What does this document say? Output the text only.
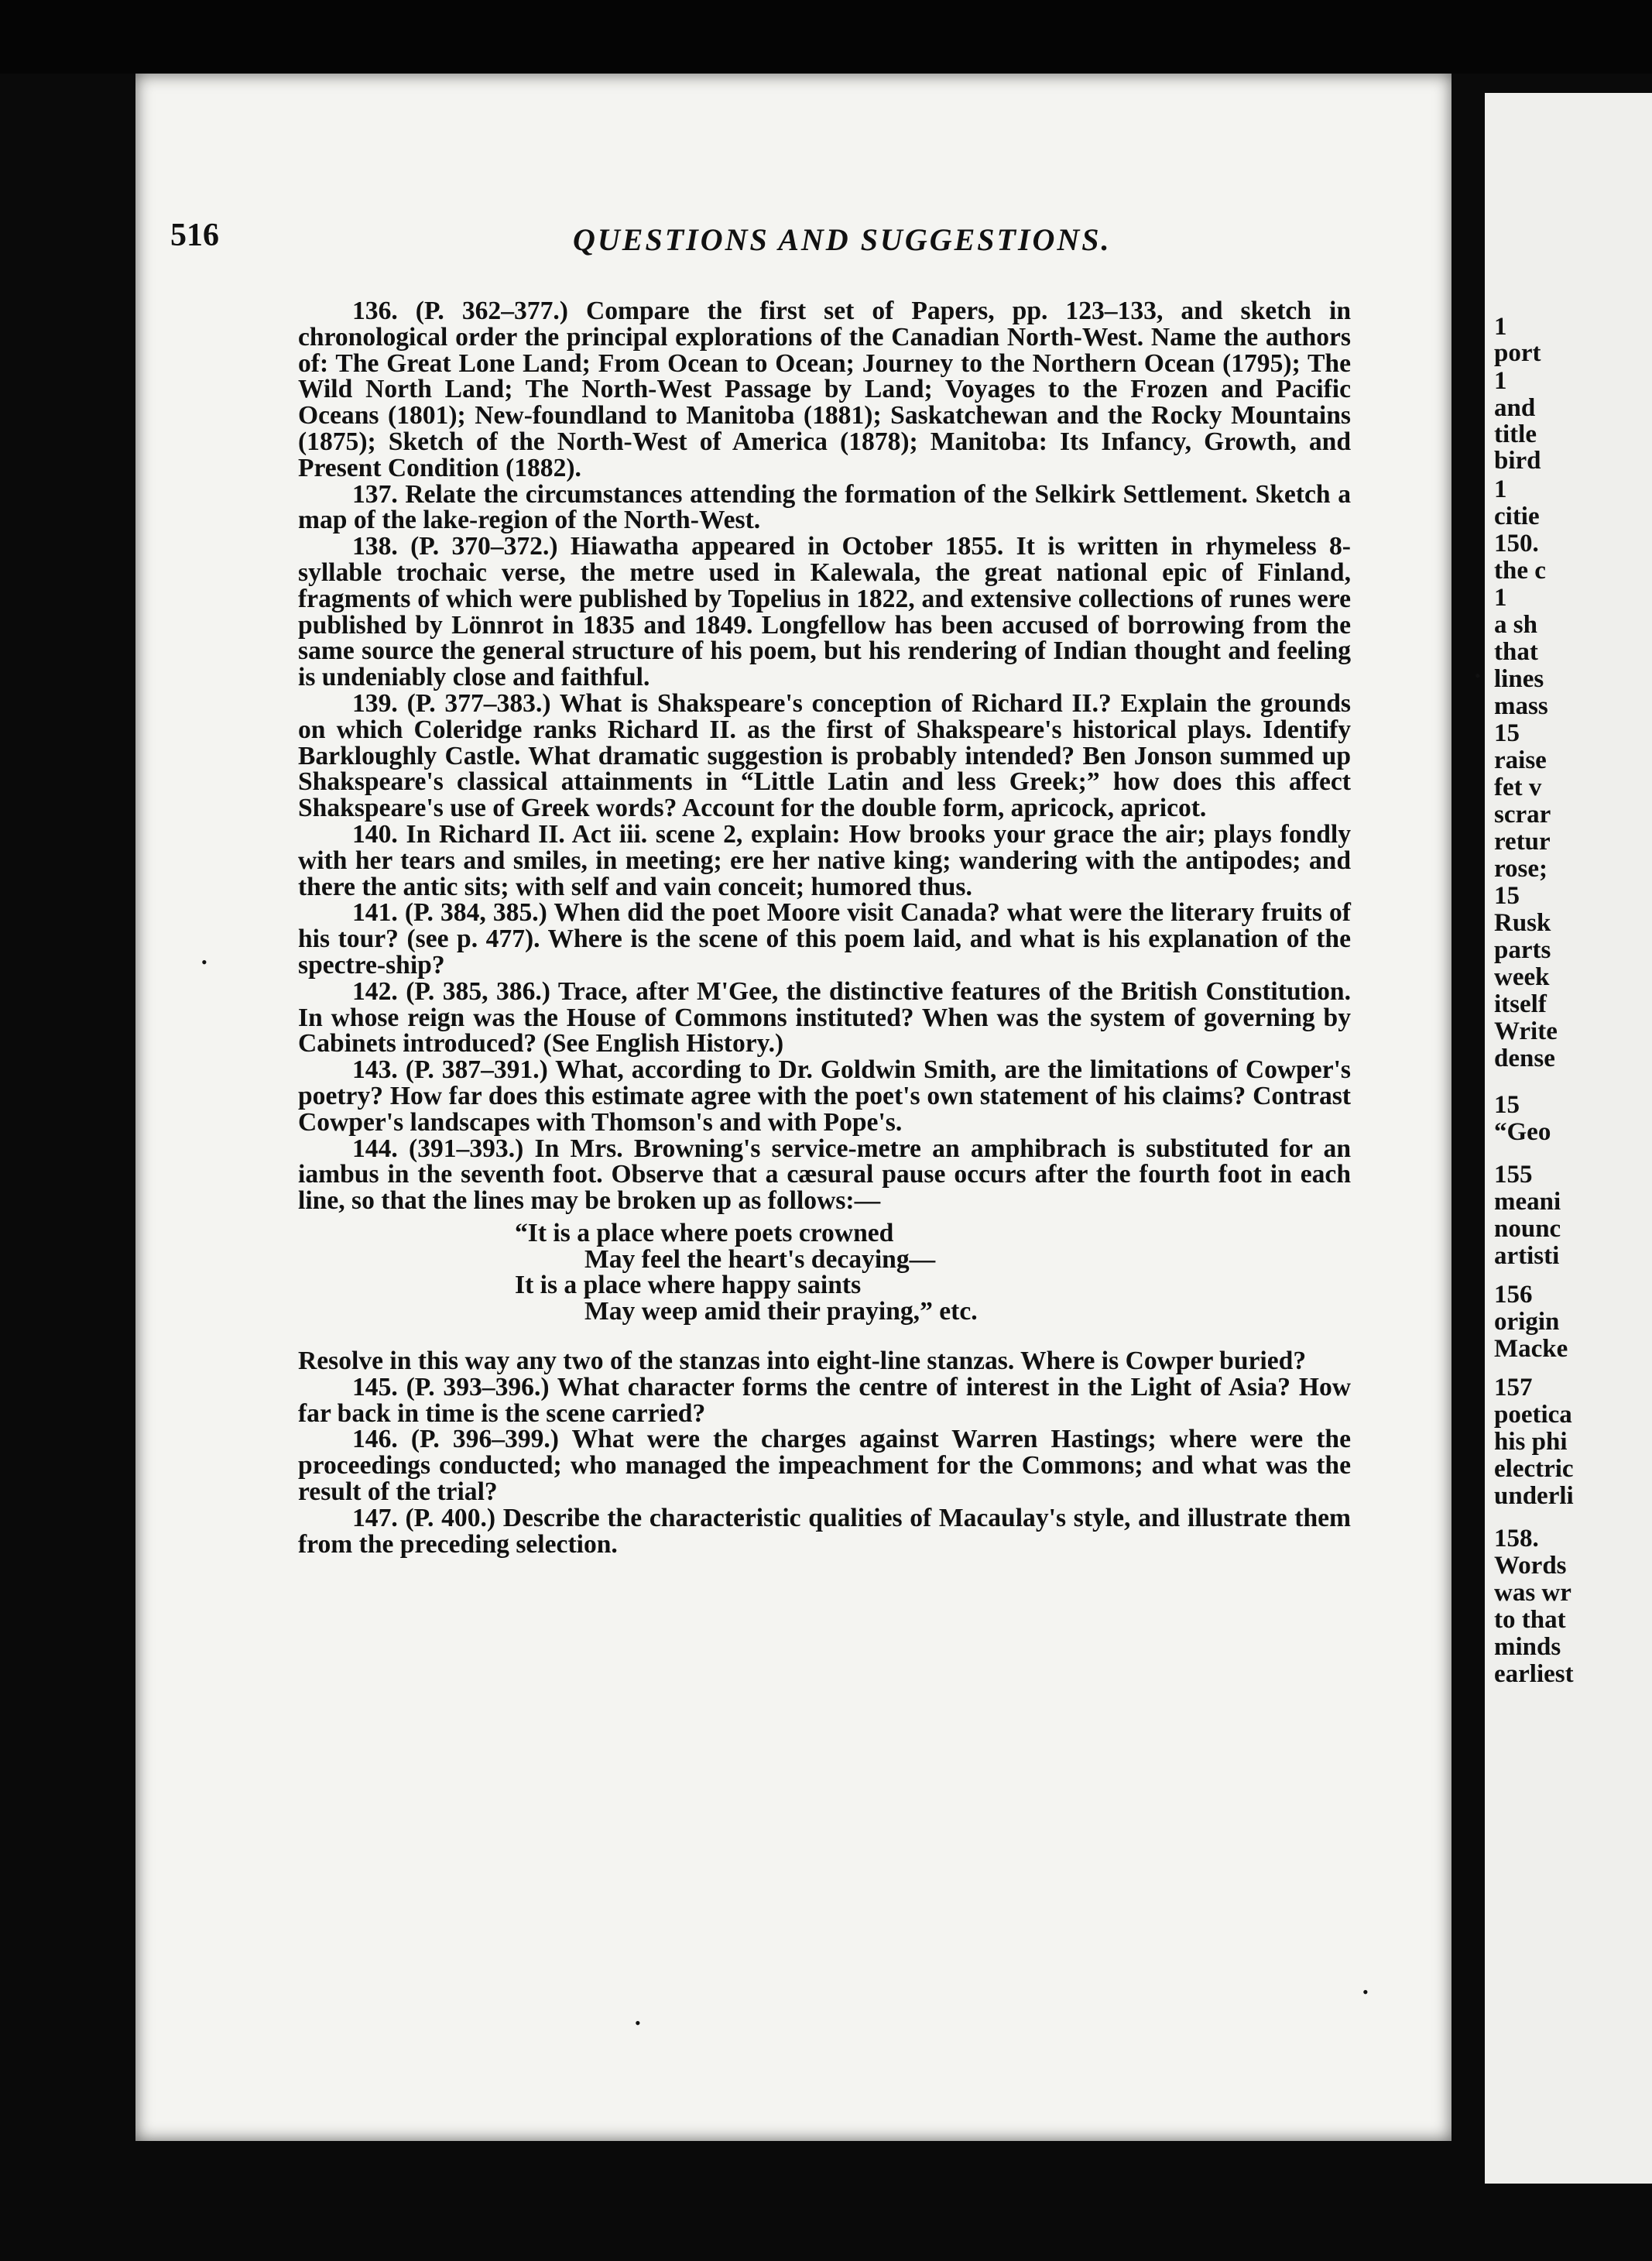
1
port
1
and
title
bird
1
citie
150.
the c
1
a sh
that
lines
mass
15
raise
fet v
scrar
retur
rose;
15
Rusk
parts
week
itself
Write
dense
15
“Geo
155
meani
nounc
artisti
156
origin
Macke
157
poetica
his phi
electric
underli
158.
Words
was wr
to that
minds
earliest
516	QUESTIONS AND SUGGESTIONS.

136. (P. 362–377.) Compare the first set of Papers, pp. 123–133, and sketch in chronological order the principal explorations of the Canadian North-West. Name the authors of: The Great Lone Land; From Ocean to Ocean; Journey to the Northern Ocean (1795); The Wild North Land; The North-West Passage by Land; Voyages to the Frozen and Pacific Oceans (1801); New-foundland to Manitoba (1881); Saskatchewan and the Rocky Mountains (1875); Sketch of the North-West of America (1878); Manitoba: Its Infancy, Growth, and Present Condition (1882).

137. Relate the circumstances attending the formation of the Selkirk Settlement. Sketch a map of the lake-region of the North-West.

138. (P. 370–372.) Hiawatha appeared in October 1855. It is written in rhymeless 8-syllable trochaic verse, the metre used in Kalewala, the great national epic of Finland, fragments of which were published by Topelius in 1822, and extensive collections of runes were published by Lönnrot in 1835 and 1849. Longfellow has been accused of borrowing from the same source the general structure of his poem, but his rendering of Indian thought and feeling is undeniably close and faithful.

139. (P. 377–383.) What is Shakspeare's conception of Richard II.? Explain the grounds on which Coleridge ranks Richard II. as the first of Shakspeare's historical plays. Identify Barkloughly Castle. What dramatic suggestion is probably intended? Ben Jonson summed up Shakspeare's classical attainments in “Little Latin and less Greek;” how does this affect Shakspeare's use of Greek words? Account for the double form, apricock, apricot.

140. In Richard II. Act iii. scene 2, explain: How brooks your grace the air; plays fondly with her tears and smiles, in meeting; ere her native king; wandering with the antipodes; and there the antic sits; with self and vain conceit; humored thus.

141. (P. 384, 385.) When did the poet Moore visit Canada? what were the literary fruits of his tour? (see p. 477). Where is the scene of this poem laid, and what is his explanation of the spectre-ship?

142. (P. 385, 386.) Trace, after M'Gee, the distinctive features of the British Constitution. In whose reign was the House of Commons instituted? When was the system of governing by Cabinets introduced? (See English History.)

143. (P. 387–391.) What, according to Dr. Goldwin Smith, are the limitations of Cowper's poetry? How far does this estimate agree with the poet's own statement of his claims? Contrast Cowper's landscapes with Thomson's and with Pope's.

144. (391–393.) In Mrs. Browning's service-metre an amphibrach is substituted for an iambus in the seventh foot. Observe that a cæsural pause occurs after the fourth foot in each line, so that the lines may be broken up as follows:—

“It is a place where poets crowned
May feel the heart's decaying—
It is a place where happy saints
May weep amid their praying,” etc.

Resolve in this way any two of the stanzas into eight-line stanzas. Where is Cowper buried?

145. (P. 393–396.) What character forms the centre of interest in the Light of Asia? How far back in time is the scene carried?

146. (P. 396–399.) What were the charges against Warren Hastings; where were the proceedings conducted; who managed the impeachment for the Commons; and what was the result of the trial?

147. (P. 400.) Describe the characteristic qualities of Macaulay's style, and illustrate them from the preceding selection.

•
•
•
•
